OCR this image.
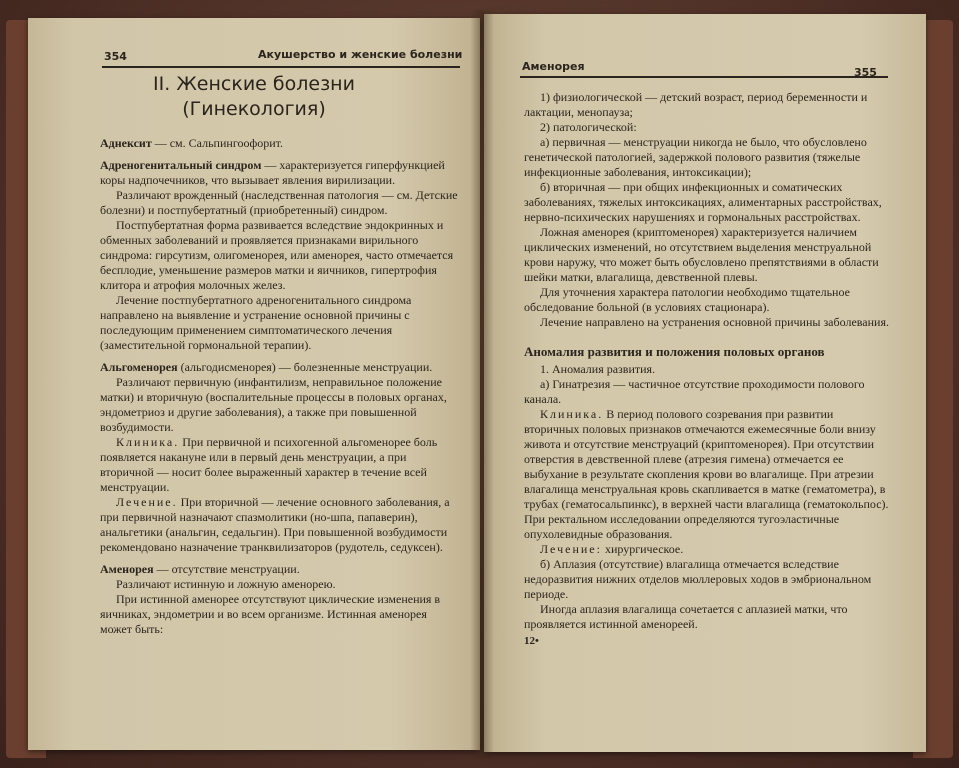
354	Акушерство и женские болезни
II. Женские болезни
(Гинекология)

Аднексит — см. Сальпингоофорит.

Адреногенитальный синдром — характеризуется гиперфункцией коры надпочечников, что вызывает явления вирилизации.

Различают врожденный (наследственная патология — см. Детские болезни) и постпубертатный (приобретенный) синдром.

Постпубертатная форма развивается вследствие эндокринных и обменных заболеваний и проявляется признаками вирильного синдрома: гирсутизм, олигоменорея, или аменорея, часто отмечается бесплодие, уменьшение размеров матки и яичников, гипертрофия клитора и атрофия молочных желез.

Лечение постпубертатного адреногенитального синдрома направлено на выявление и устранение основной причины с последующим применением симптоматического лечения (заместительной гормональной терапии).

Альгоменорея (альгодисменорея) — болезненные менструации.

Различают первичную (инфантилизм, неправильное положение матки) и вторичную (воспалительные процессы в половых органах, эндометриоз и другие заболевания), а также при повышенной возбудимости.

Клиника. При первичной и психогенной альгоменорее боль появляется накануне или в первый день менструации, а при вторичной — носит более выраженный характер в течение всей менструации.

Лечение. При вторичной — лечение основного заболевания, а при первичной назначают спазмолитики (но-шпа, папаверин), анальгетики (анальгин, седальгин). При повышенной возбудимости рекомендовано назначение транквилизаторов (рудотель, седуксен).

Аменорея — отсутствие менструации.

Различают истинную и ложную аменорею.

При истинной аменорее отсутствуют циклические изменения в яичниках, эндометрии и во всем организме. Истинная аменорея может быть:

Аменорея	355

1) физиологической — детский возраст, период беременности и лактации, менопауза;

2) патологической:

а) первичная — менструации никогда не было, что обусловлено генетической патологией, задержкой полового развития (тяжелые инфекционные заболевания, интоксикации);

б) вторичная — при общих инфекционных и соматических заболеваниях, тяжелых интоксикациях, алиментарных расстройствах, нервно-психических нарушениях и гормональных расстройствах.

Ложная аменорея (криптоменорея) характеризуется наличием циклических изменений, но отсутствием выделения менструальной крови наружу, что может быть обусловлено препятствиями в области шейки матки, влагалища, девственной плевы.

Для уточнения характера патологии необходимо тщательное обследование больной (в условиях стационара).

Лечение направлено на устранения основной причины заболевания.

Аномалия развития и положения половых органов

1. Аномалия развития.

а) Гинатрезия — частичное отсутствие проходимости полового канала.

Клиника. В период полового созревания при развитии вторичных половых признаков отмечаются ежемесячные боли внизу живота и отсутствие менструаций (криптоменорея). При отсутствии отверстия в девственной плеве (атрезия гимена) отмечается ее выбухание в результате скопления крови во влагалище. При атрезии влагалища менструальная кровь скапливается в матке (гематометра), в трубах (гематосальпинкс), в верхней части влагалища (гематокольпос). При ректальном исследовании определяются тугоэластичные опухолевидные образования.

Лечение: хирургическое.

б) Аплазия (отсутствие) влагалища отмечается вследствие недоразвития нижних отделов мюллеровых ходов в эмбриональном периоде.

Иногда аплазия влагалища сочетается с аплазией матки, что проявляется истинной аменореей.

12•
